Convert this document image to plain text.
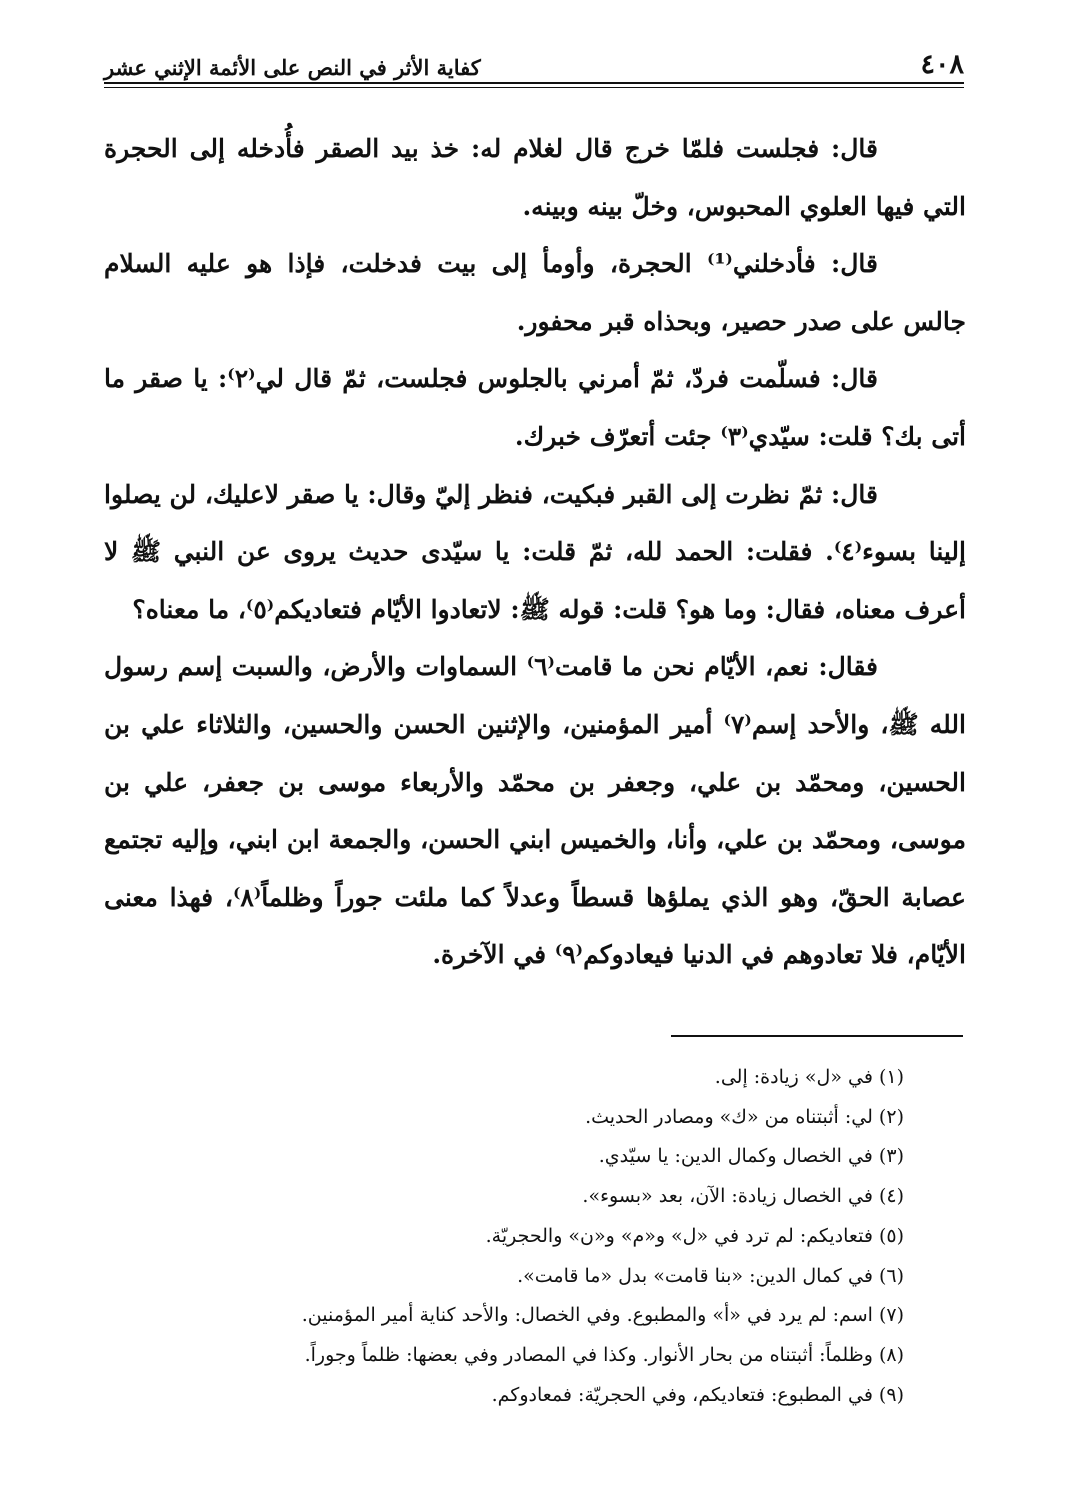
٤٠٨
كفاية الأثر في النص على الأئمة الإثني عشر

قال: فجلست فلمّا خرج قال لغلام له: خذ بيد الصقر فأُدخله إلى الحجرة التي فيها العلوي المحبوس، وخلّ بينه وبينه.

قال: فأدخلني⁽¹⁾ الحجرة، وأومأ إلى بيت فدخلت، فإذا هو عليه السلام جالس على صدر حصير، وبحذاه قبر محفور.

قال: فسلّمت فردّ، ثمّ أمرني بالجلوس فجلست، ثمّ قال لي⁽٢⁾: يا صقر ما أتى بك؟ قلت: سيّدي⁽٣⁾ جئت أتعرّف خبرك.

قال: ثمّ نظرت إلى القبر فبكيت، فنظر إليّ وقال: يا صقر لاعليك، لن يصلوا إلينا بسوء⁽٤⁾. فقلت: الحمد لله، ثمّ قلت: يا سيّدى حديث يروى عن النبي ﷺ لا أعرف معناه، فقال: وما هو؟ قلت: قوله ﷺ: لاتعادوا الأيّام فتعاديكم⁽٥⁾، ما معناه؟

فقال: نعم، الأيّام نحن ما قامت⁽٦⁾ السماوات والأرض، والسبت إسم رسول الله ﷺ، والأحد إسم⁽٧⁾ أمير المؤمنين، والإثنين الحسن والحسين، والثلاثاء علي بن الحسين، ومحمّد بن علي، وجعفر بن محمّد والأربعاء موسى بن جعفر، علي بن موسى، ومحمّد بن علي، وأنا، والخميس ابني الحسن، والجمعة ابن ابني، وإليه تجتمع عصابة الحقّ، وهو الذي يملؤها قسطاً وعدلاً كما ملئت جوراً وظلماً⁽٨⁾، فهذا معنى الأيّام، فلا تعادوهم في الدنيا فيعادوكم⁽٩⁾ في الآخرة.

(١) في «ل» زيادة: إلى.
(٢) لي: أثبتناه من «ك» ومصادر الحديث.
(٣) في الخصال وكمال الدين: يا سيّدي.
(٤) في الخصال زيادة: الآن، بعد «بسوء».
(٥) فتعاديكم: لم ترد في «ل» و«م» و«ن» والحجريّة.
(٦) في كمال الدين: «بنا قامت» بدل «ما قامت».
(٧) اسم: لم يرد في «أ» والمطبوع. وفي الخصال: والأحد كناية أمير المؤمنين.
(٨) وظلماً: أثبتناه من بحار الأنوار. وكذا في المصادر وفي بعضها: ظلماً وجوراً.
(٩) في المطبوع: فتعاديكم، وفي الحجريّة: فمعادوكم.
